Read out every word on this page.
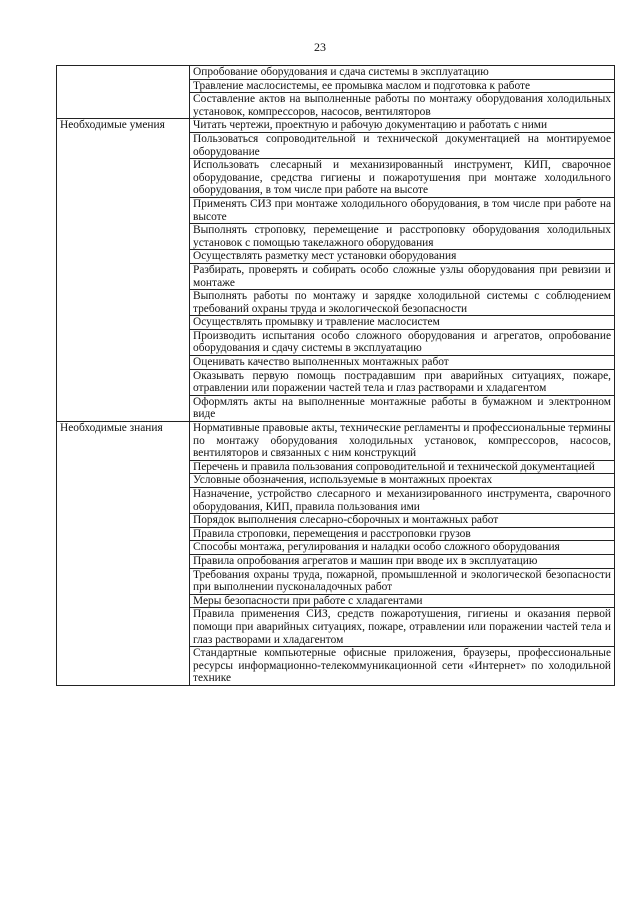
23
	Опробование оборудования и сдача системы в эксплуатацию
	Травление маслосистемы, ее промывка маслом и подготовка к работе
	Составление актов на выполненные работы по монтажу оборудования холодильных установок, компрессоров, насосов, вентиляторов
Необходимые умения	Читать чертежи, проектную и рабочую документацию и работать с ними
	Пользоваться сопроводительной и технической документацией на монтируемое оборудование
	Использовать слесарный и механизированный инструмент, КИП, сварочное оборудование, средства гигиены и пожаротушения при монтаже холодильного оборудования, в том числе при работе на высоте
	Применять СИЗ при монтаже холодильного оборудования, в том числе при работе на высоте
	Выполнять строповку, перемещение и расстроповку оборудования холодильных установок с помощью такелажного оборудования
	Осуществлять разметку мест установки оборудования
	Разбирать, проверять и собирать особо сложные узлы оборудования при ревизии и монтаже
	Выполнять работы по монтажу и зарядке холодильной системы с соблюдением требований охраны труда и экологической безопасности
	Осуществлять промывку и травление маслосистем
	Производить испытания особо сложного оборудования и агрегатов, опробование оборудования и сдачу системы в эксплуатацию
	Оценивать качество выполненных монтажных работ
	Оказывать первую помощь пострадавшим при аварийных ситуациях, пожаре, отравлении или поражении частей тела и глаз растворами и хладагентом
	Оформлять акты на выполненные монтажные работы в бумажном и электронном виде
Необходимые знания	Нормативные правовые акты, технические регламенты и профессиональные термины по монтажу оборудования холодильных установок, компрессоров, насосов, вентиляторов и связанных с ним конструкций
	Перечень и правила пользования сопроводительной и технической документацией
	Условные обозначения, используемые в монтажных проектах
	Назначение, устройство слесарного и механизированного инструмента, сварочного оборудования, КИП, правила пользования ими
	Порядок выполнения слесарно-сборочных и монтажных работ
	Правила строповки, перемещения и расстроповки грузов
	Способы монтажа, регулирования и наладки особо сложного оборудования
	Правила опробования агрегатов и машин при вводе их в эксплуатацию
	Требования охраны труда, пожарной, промышленной и экологической безопасности при выполнении пусконаладочных работ
	Меры безопасности при работе с хладагентами
	Правила применения СИЗ, средств пожаротушения, гигиены и оказания первой помощи при аварийных ситуациях, пожаре, отравлении или поражении частей тела и глаз растворами и хладагентом
	Стандартные компьютерные офисные приложения, браузеры, профессиональные ресурсы информационно-телекоммуникационной сети «Интернет» по холодильной технике
